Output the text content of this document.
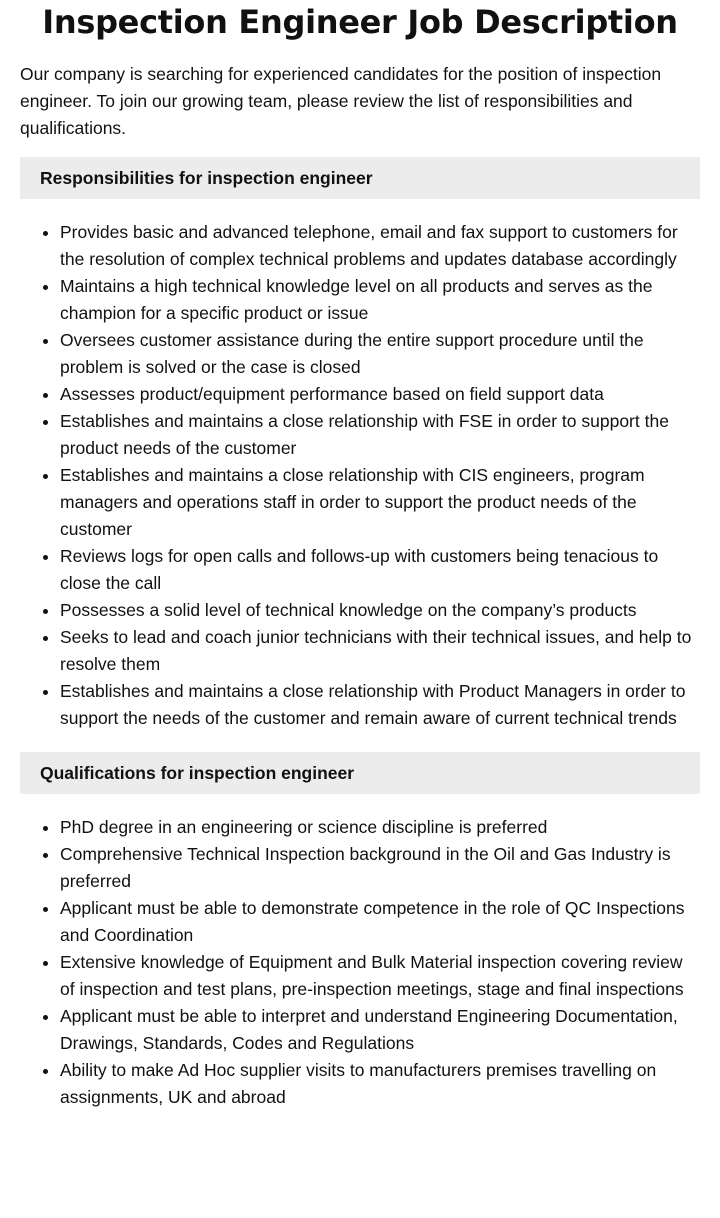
Inspection Engineer Job Description

Our company is searching for experienced candidates for the position of inspection engineer. To join our growing team, please review the list of responsibilities and qualifications.

Responsibilities for inspection engineer
• Provides basic and advanced telephone, email and fax support to customers for the resolution of complex technical problems and updates database accordingly
• Maintains a high technical knowledge level on all products and serves as the champion for a specific product or issue
• Oversees customer assistance during the entire support procedure until the problem is solved or the case is closed
• Assesses product/equipment performance based on field support data
• Establishes and maintains a close relationship with FSE in order to support the product needs of the customer
• Establishes and maintains a close relationship with CIS engineers, program managers and operations staff in order to support the product needs of the customer
• Reviews logs for open calls and follows-up with customers being tenacious to close the call
• Possesses a solid level of technical knowledge on the company’s products
• Seeks to lead and coach junior technicians with their technical issues, and help to resolve them
• Establishes and maintains a close relationship with Product Managers in order to support the needs of the customer and remain aware of current technical trends
Qualifications for inspection engineer
• PhD degree in an engineering or science discipline is preferred
• Comprehensive Technical Inspection background in the Oil and Gas Industry is preferred
• Applicant must be able to demonstrate competence in the role of QC Inspections and Coordination
• Extensive knowledge of Equipment and Bulk Material inspection covering review of inspection and test plans, pre-inspection meetings, stage and final inspections
• Applicant must be able to interpret and understand Engineering Documentation, Drawings, Standards, Codes and Regulations
• Ability to make Ad Hoc supplier visits to manufacturers premises travelling on assignments, UK and abroad
